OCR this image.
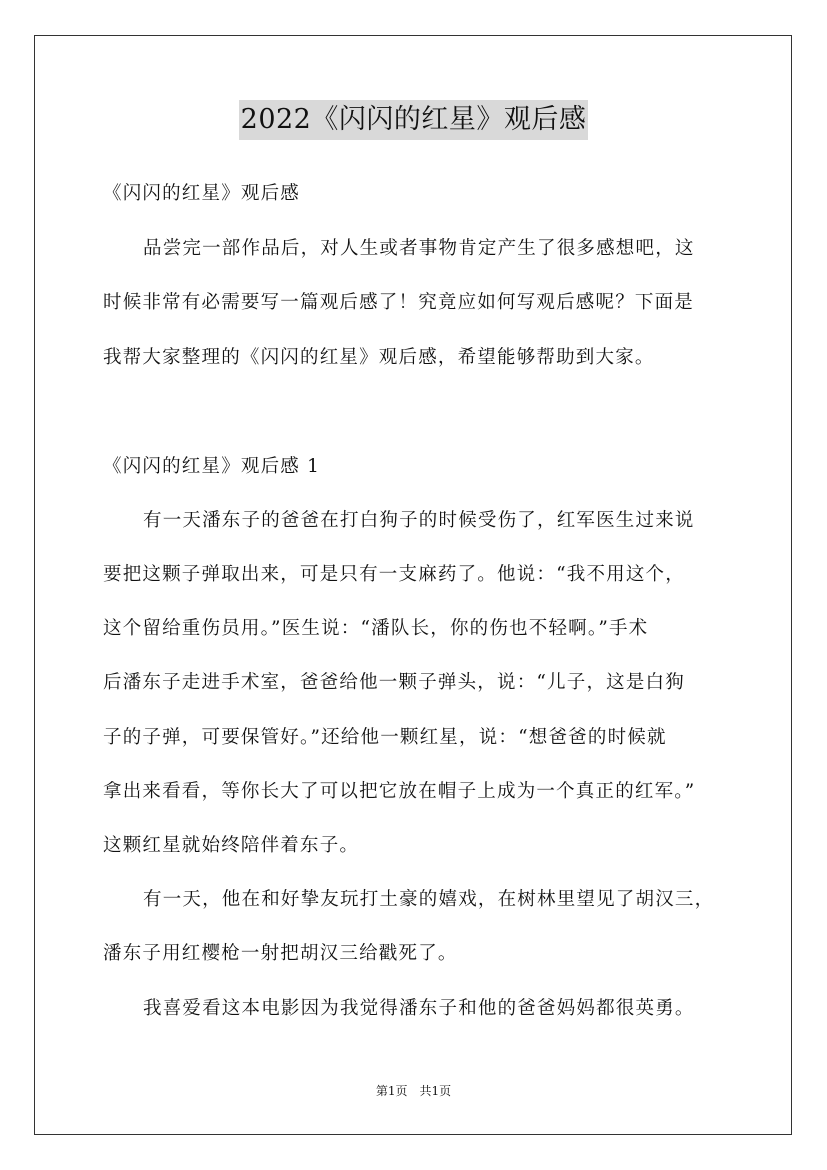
2022《闪闪的红星》观后感
《闪闪的红星》观后感
品尝完一部作品后，对人生或者事物肯定产生了很多感想吧，这
时候非常有必需要写一篇观后感了！究竟应如何写观后感呢？下面是
我帮大家整理的《闪闪的红星》观后感，希望能够帮助到大家。
《闪闪的红星》观后感 1
有一天潘东子的爸爸在打白狗子的时候受伤了，红军医生过来说
要把这颗子弹取出来，可是只有一支麻药了。他说：“我不用这个，
这个留给重伤员用。”医生说：“潘队长，你的伤也不轻啊。”手术
后潘东子走进手术室，爸爸给他一颗子弹头，说：“儿子，这是白狗
子的子弹，可要保管好。”还给他一颗红星，说：“想爸爸的时候就
拿出来看看，等你长大了可以把它放在帽子上成为一个真正的红军。”
这颗红星就始终陪伴着东子。
有一天，他在和好挚友玩打土豪的嬉戏，在树林里望见了胡汉三，
潘东子用红樱枪一射把胡汉三给戳死了。
我喜爱看这本电影因为我觉得潘东子和他的爸爸妈妈都很英勇。
第1页　共1页
